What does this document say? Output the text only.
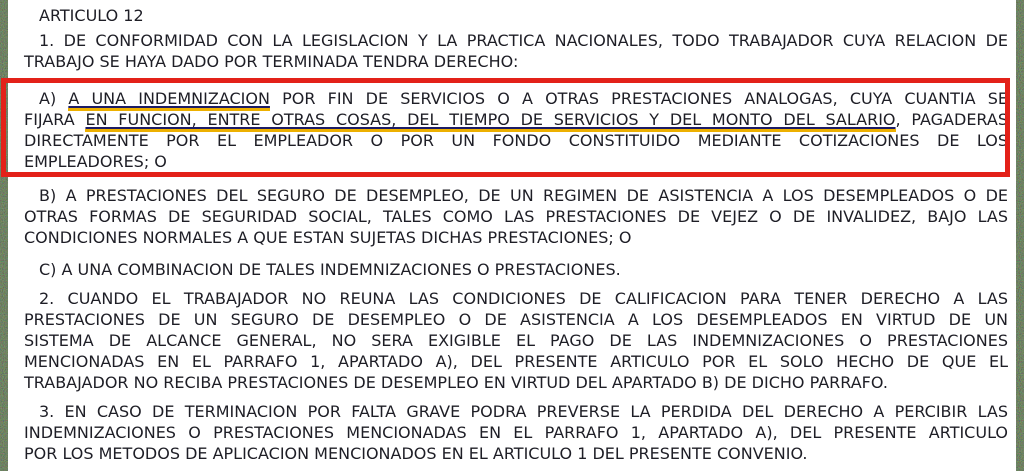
ARTICULO 12
1. DE CONFORMIDAD CON LA LEGISLACION Y LA PRACTICA NACIONALES, TODO TRABAJADOR CUYA RELACION DE
TRABAJO SE HAYA DADO POR TERMINADA TENDRA DERECHO:
A) A UNA INDEMNIZACION POR FIN DE SERVICIOS O A OTRAS PRESTACIONES ANALOGAS, CUYA CUANTIA SE
FIJARA EN FUNCION, ENTRE OTRAS COSAS, DEL TIEMPO DE SERVICIOS Y DEL MONTO DEL SALARIO, PAGADERAS
DIRECTAMENTE POR EL EMPLEADOR O POR UN FONDO CONSTITUIDO MEDIANTE COTIZACIONES DE LOS
EMPLEADORES; O
B) A PRESTACIONES DEL SEGURO DE DESEMPLEO, DE UN REGIMEN DE ASISTENCIA A LOS DESEMPLEADOS O DE
OTRAS FORMAS DE SEGURIDAD SOCIAL, TALES COMO LAS PRESTACIONES DE VEJEZ O DE INVALIDEZ, BAJO LAS
CONDICIONES NORMALES A QUE ESTAN SUJETAS DICHAS PRESTACIONES; O
C) A UNA COMBINACION DE TALES INDEMNIZACIONES O PRESTACIONES.
2. CUANDO EL TRABAJADOR NO REUNA LAS CONDICIONES DE CALIFICACION PARA TENER DERECHO A LAS
PRESTACIONES DE UN SEGURO DE DESEMPLEO O DE ASISTENCIA A LOS DESEMPLEADOS EN VIRTUD DE UN
SISTEMA DE ALCANCE GENERAL, NO SERA EXIGIBLE EL PAGO DE LAS INDEMNIZACIONES O PRESTACIONES
MENCIONADAS EN EL PARRAFO 1, APARTADO A), DEL PRESENTE ARTICULO POR EL SOLO HECHO DE QUE EL
TRABAJADOR NO RECIBA PRESTACIONES DE DESEMPLEO EN VIRTUD DEL APARTADO B) DE DICHO PARRAFO.
3. EN CASO DE TERMINACION POR FALTA GRAVE PODRA PREVERSE LA PERDIDA DEL DERECHO A PERCIBIR LAS
INDEMNIZACIONES O PRESTACIONES MENCIONADAS EN EL PARRAFO 1, APARTADO A), DEL PRESENTE ARTICULO
POR LOS METODOS DE APLICACION MENCIONADOS EN EL ARTICULO 1 DEL PRESENTE CONVENIO.
